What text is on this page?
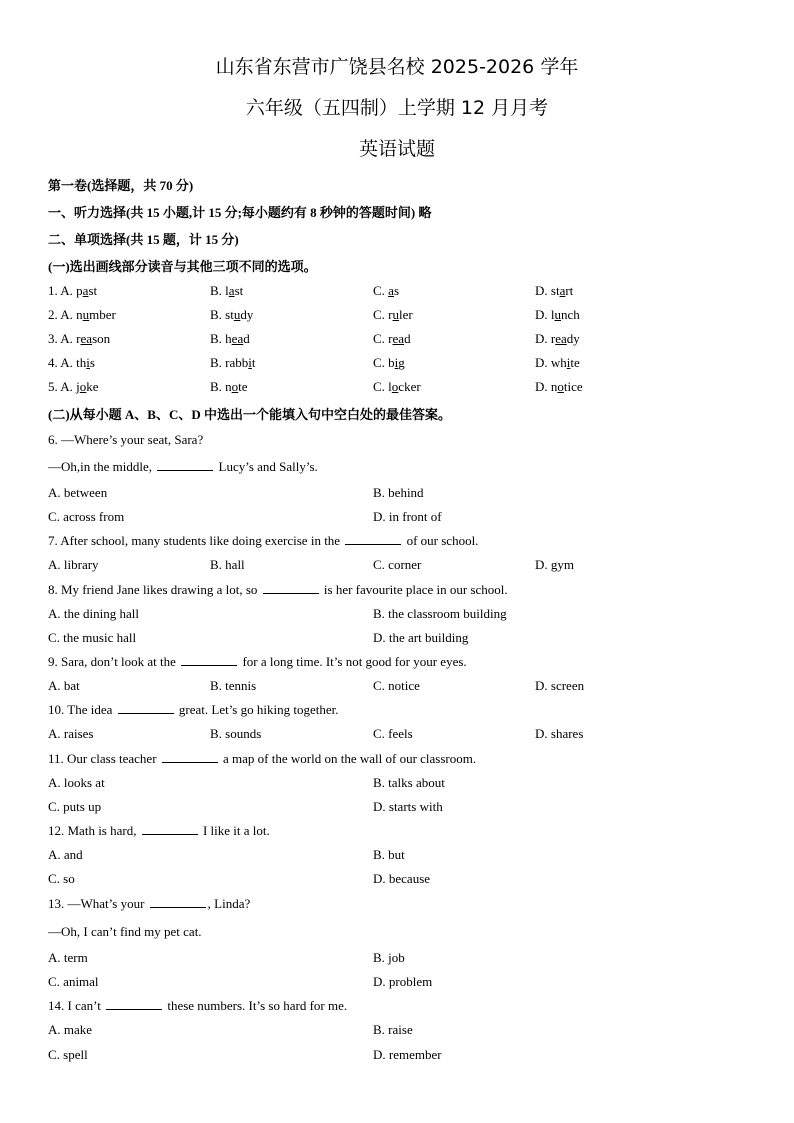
山东省东营市广饶县名校 2025-2026 学年
六年级（五四制）上学期 12 月月考
英语试题
第一卷(选择题，共 70 分)
一、听力选择(共 15 小题,计 15 分;每小题约有 8 秒钟的答题时间) 略
二、单项选择(共 15 题，计 15 分)
(一)选出画线部分读音与其他三项不同的选项。
1. A. past	B. last	C. as	D. start
2. A. number	B. study	C. ruler	D. lunch
3. A. reason	B. head	C. read	D. ready
4. A. this	B. rabbit	C. big	D. white
5. A. joke	B. note	C. locker	D. notice
(二)从每小题 A、B、C、D 中选出一个能填入句中空白处的最佳答案。
6. —Where’s your seat, Sara?
—Oh,in the middle,	Lucy’s and Sally’s.
A. between	B. behind
C. across from	D. in front of
7. After school, many students like doing exercise in the	of our school.
A. library	B. hall	C. corner	D. gym
8. My friend Jane likes drawing a lot, so	is her favourite place in our school.
A. the dining hall	B. the classroom building
C. the music hall	D. the art building
9. Sara, don’t look at the	for a long time. It’s not good for your eyes.
A. bat	B. tennis	C. notice	D. screen
10. The idea	great. Let’s go hiking together.
A. raises	B. sounds	C. feels	D. shares
11. Our class teacher	a map of the world on the wall of our classroom.
A. looks at	B. talks about
C. puts up	D. starts with
12. Math is hard,	I like it a lot.
A. and	B. but
C. so	D. because
13. —What’s your	, Linda?
—Oh, I can’t find my pet cat.
A. term	B. job
C. animal	D. problem
14. I can’t	these numbers. It’s so hard for me.
A. make	B. raise
C. spell	D. remember
